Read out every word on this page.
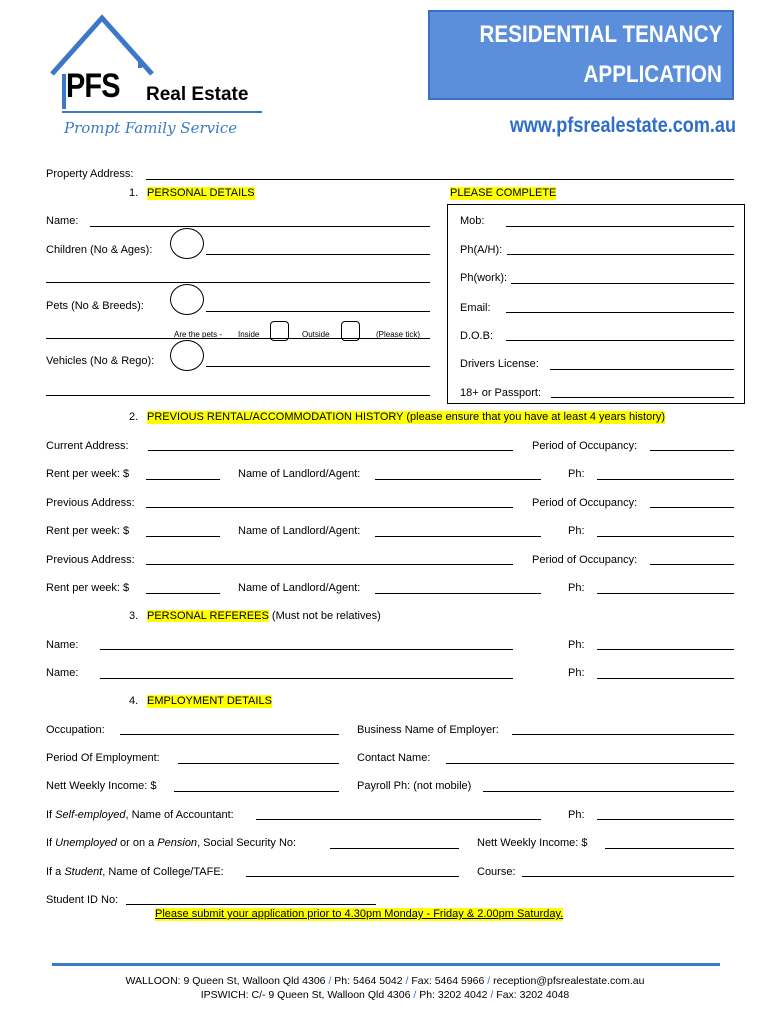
PFS Real Estate
Prompt Family Service
RESIDENTIAL TENANCY
APPLICATION
www.pfsrealestate.com.au
Property Address:
1. PERSONAL DETAILS	PLEASE COMPLETE
Name:
Children (No & Ages):
Pets (No & Breeds):
Are the pets - Inside	Outside	(Please tick)
Vehicles (No & Rego):
Mob:
Ph(A/H):
Ph(work):
Email:
D.O.B:
Drivers License:
18+ or Passport:
2. PREVIOUS RENTAL/ACCOMMODATION HISTORY (please ensure that you have at least 4 years history)
Current Address:	Period of Occupancy:
Rent per week: $	Name of Landlord/Agent:	Ph:
Previous Address:	Period of Occupancy:
Rent per week: $	Name of Landlord/Agent:	Ph:
Previous Address:	Period of Occupancy:
Rent per week: $	Name of Landlord/Agent:	Ph:
3. PERSONAL REFEREES (Must not be relatives)
Name:	Ph:
Name:	Ph:
4. EMPLOYMENT DETAILS
Occupation:	Business Name of Employer:
Period Of Employment:	Contact Name:
Nett Weekly Income: $	Payroll Ph: (not mobile)
If Self-employed, Name of Accountant:	Ph:
If Unemployed or on a Pension, Social Security No:	Nett Weekly Income: $
If a Student, Name of College/TAFE:	Course:
Student ID No:
Please submit your application prior to 4.30pm Monday - Friday & 2.00pm Saturday.
WALLOON: 9 Queen St, Walloon Qld 4306 / Ph: 5464 5042 / Fax: 5464 5966 / reception@pfsrealestate.com.au
IPSWICH: C/- 9 Queen St, Walloon Qld 4306 / Ph: 3202 4042 / Fax: 3202 4048
